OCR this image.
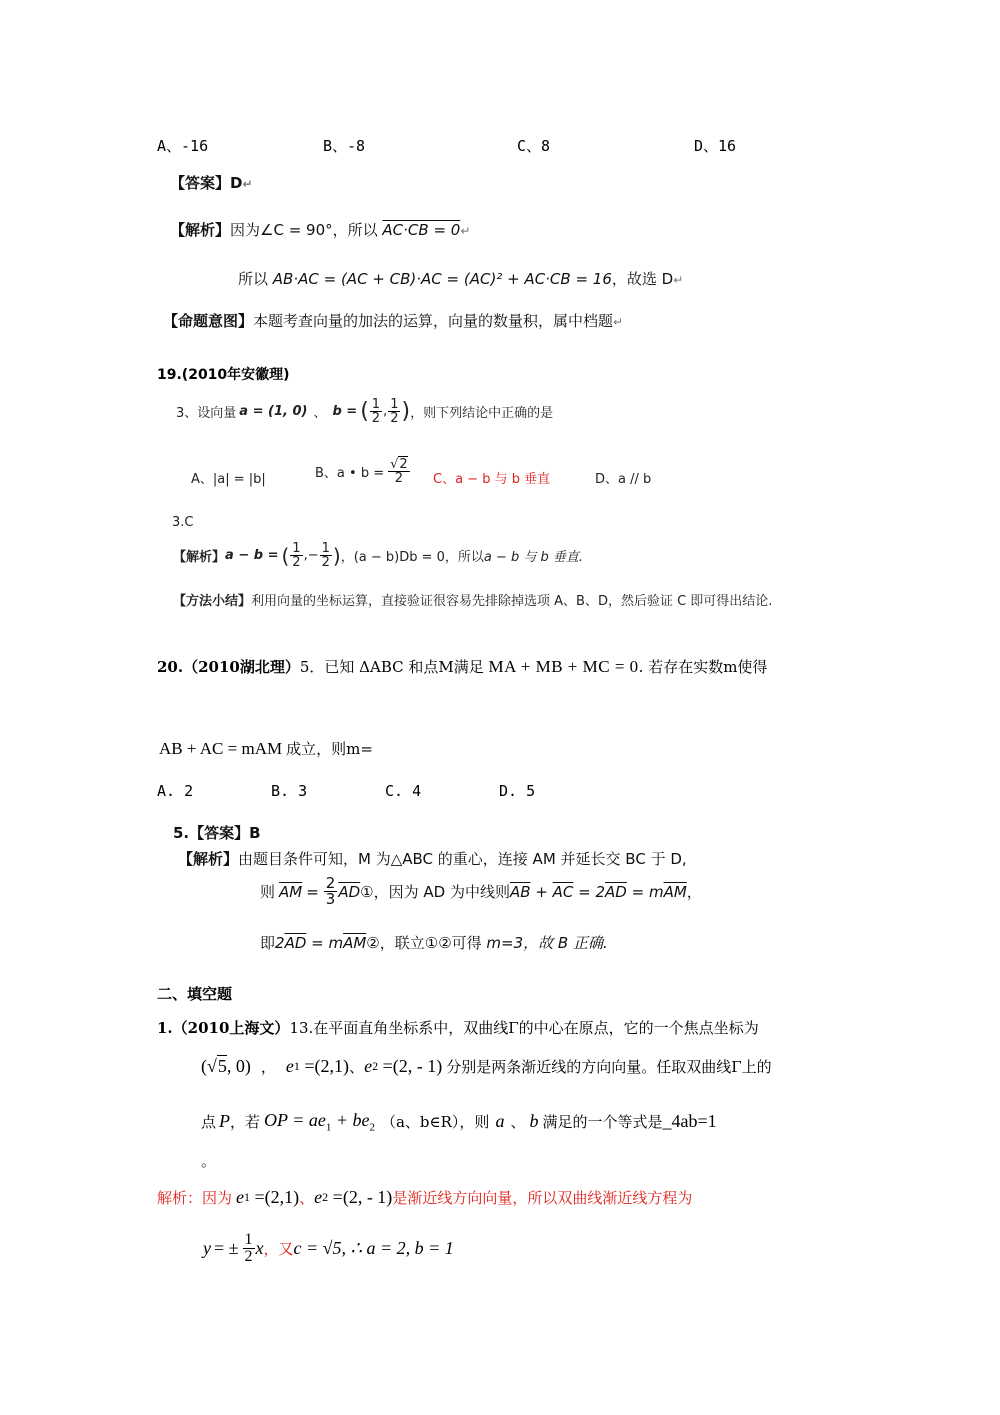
A、-16	B、-8	C、8	D、16
【答案】D↵
【解析】因为∠C = 90°，所以 AC·CB = 0↵
所以 AB·AC = (AC + CB)·AC = (AC)² + AC·CB = 16，故选 D↵
【命题意图】本题考查向量的加法的运算，向量的数量积，属中档题↵
19.(2010年安徽理)
3、设向量 a = (1, 0) 、 b = ( $\frac{1}{2}$ , $\frac{1}{2}$ ) ，则下列结论中正确的是
A、|a| = |b|	B、a • $b = \frac{√2}{2}$ C、a − b 与 b 垂直	D、a // b
3.C
【解析】 a − b = ( $\frac{1}{2}$ ,− $\frac{1}{2}$ ) ，(a − b)Db = 0，所以 a − b 与 b 垂直.
【方法小结】利用向量的坐标运算，直接验证很容易先排除掉选项 A、B、D，然后验证 C 即可得出结论.
20.（2010湖北理）5．已知 ΔABC 和点M满足 MA + MB + MC = 0. 若存在实数m使得
AB + AC = m AM 成立，则m=
A. 2	B. 3	C. 4	D. 5
5.【答案】B
【解析】由题目条件可知，M 为△ABC 的重心，连接 AM 并延长交 BC 于 D,
则 $\overline{AM} = \frac{2}{3} \overline{AD}$ ①，因为 AD 为中线则 $\overline{AB} + \overline{AC} = 2\overline{AD} = m\overline{AM}$ ，
即$2\overline{AD}$ = $m\overline{AM}②$，联立①②可得 m=3，故 B 正确.
二、填空题
1.（2010上海文）13.在平面直角坐标系中，双曲线Γ的中心在原点，它的一个焦点坐标为
(√5, 0) ， e 1 =(2,1) 、 e 2 =(2, - 1) 分别是两条渐近线的方向向量。任取双曲线Γ上的
点 P ，若 OP = $ae_1 + be_2$ （a、b∈R），则 a 、 b 满足的一个等式是 _4ab=1
。
解析：因为 e 1 =(2,1) 、 e 2 =(2, - 1) 是渐近线方向向量，所以双曲线渐近线方程为
y = ± $\frac{1}{2}$ x ，又 c = √5, ∴ a = 2, b = 1
